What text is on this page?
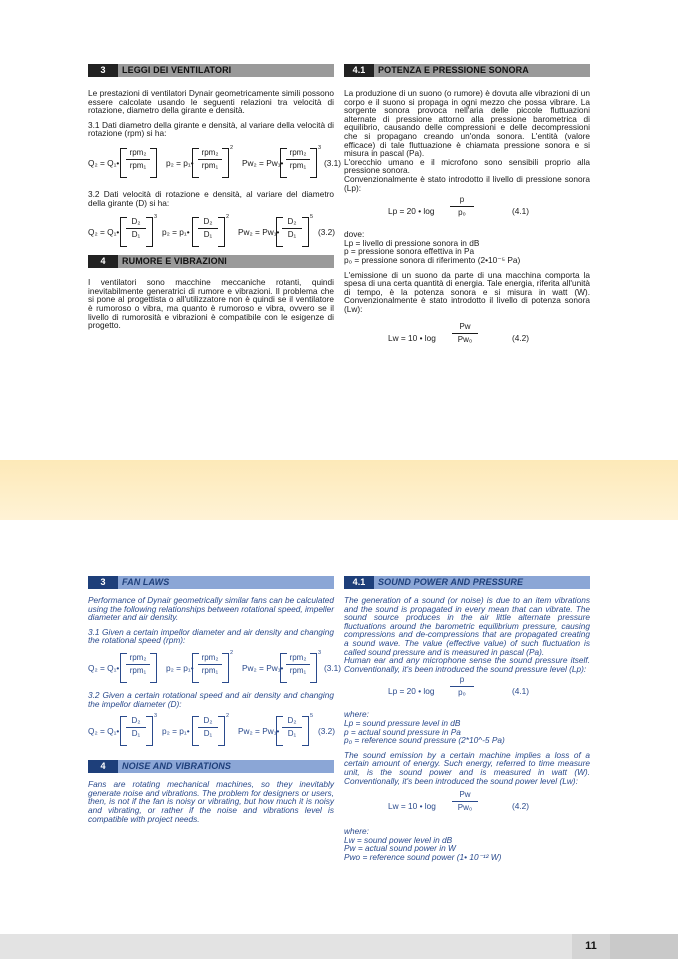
3	LEGGI DEI VENTILATORI

Le prestazioni di ventilatori Dynair geometricamente simili possono essere calcolate usando le seguenti relazioni tra velocità di rotazione, diametro della girante e densità.

3.1 Dati diametro della girante e densità, al variare della velocità di rotazione (rpm) si ha:

Q₂ = Q₁•
rpm₂
rpm₁ p₂ = p₁•
rpm₂
rpm₁
2
Pw₂ = Pw₁•
rpm₂
rpm₁
3
(3.1)

3.2 Dati velocità di rotazione e densità, al variare del diametro della girante (D) si ha:

Q₂ = Q₁•
D₂
D₁
3
p₂ = p₁•
D₂
D₁
2
Pw₂ = Pw₁•
D₂
D₁
5
(3.2)
4	RUMORE E VIBRAZIONI

I ventilatori sono macchine meccaniche rotanti, quindi inevitabilmente generatrici di rumore e vibrazioni. Il problema che si pone al progettista o all'utilizzatore non è quindi se il ventilatore è rumoroso o vibra, ma quanto è rumoroso e vibra, ovvero se il livello di rumorosità e vibrazioni è compatibile con le esigenze di progetto.

4.1	POTENZA E PRESSIONE SONORA

La produzione di un suono (o rumore) è dovuta alle vibrazioni di un corpo e il suono si propaga in ogni mezzo che possa vibrare. La sorgente sonora provoca nell'aria delle piccole fluttuazioni alternate di pressione attorno alla pressione barometrica di equilibrio, causando delle compressioni e delle decompressioni che si propagano creando un'onda sonora. L'entità (valore efficace) di tale fluttuazione è chiamata pressione sonora e si misura in pascal (Pa).

L'orecchio umano e il microfono sono sensibili proprio alla pressione sonora.

Convenzionalmente è stato introdotto il livello di pressione sonora (Lp):

Lp = 20 • log
p
p₀	(4.1)

dove:

Lp = livello di pressione sonora in dB

p = pressione sonora effettiva in Pa

p₀ = pressione sonora di riferimento (2•10⁻⁵ Pa)

L'emissione di un suono da parte di una macchina comporta la spesa di una certa quantità di energia. Tale energia, riferita all'unità di tempo, è la potenza sonora e si misura in watt (W). Convenzionalmente è stato introdotto il livello di potenza sonora (Lw):

Lw = 10 • log
Pw
Pw₀	(4.2)
3	FAN LAWS

Performance of Dynair geometrically similar fans can be calculated using the following relationships between rotational speed, impeller diameter and air density.

3.1 Given a certain impellor diameter and air density and changing the rotational speed (rpm):

Q₂ = Q₁•
rpm₂
rpm₁ p₂ = p₁•
rpm₂
rpm₁
2
Pw₂ = Pw₁•
rpm₂
rpm₁
3
(3.1)

3.2 Given a certain rotational speed and air density and changing the impellor diameter (D):

Q₂ = Q₁•
D₂
D₁
3
p₂ = p₁•
D₂
D₁
2
Pw₂ = Pw₁•
D₂
D₁
5
(3.2)
4	NOISE AND VIBRATIONS

Fans are rotating mechanical machines, so they inevitably generate noise and vibrations. The problem for designers or users, then, is not if the fan is noisy or vibrating, but how much it is noisy and vibrating, or rather if the noise and vibrations level is compatible with project needs.

4.1	SOUND POWER AND PRESSURE

The generation of a sound (or noise) is due to an item vibrations and the sound is propagated in every mean that can vibrate. The sound source produces in the air little alternate pressure fluctuations around the barometric equilibrium pressure, causing compressions and de-compressions that are propagated creating a sound wave. The value (effective value) of such fluctuation is called sound pressure and is measured in pascal (Pa).

Human ear and any microphone sense the sound pressure itself. Conventionally, it's been introduced the sound pressure level (Lp):

Lp = 20 • log
p
p₀	(4.1)

where:

Lp = sound pressure level in dB

p = actual sound pressure in Pa

p₀ = reference sound pressure (2*10^-5 Pa)

The sound emission by a certain machine implies a loss of a certain amount of energy. Such energy, referred to time measure unit, is the sound power and is measured in watt (W). Conventionally, it's been introduced the sound power level (Lw):

Lw = 10 • log
Pw
Pw₀	(4.2)

where:

Lw = sound power level in dB

Pw = actual sound power in W

Pwo = reference sound power (1• 10⁻¹² W)

11
